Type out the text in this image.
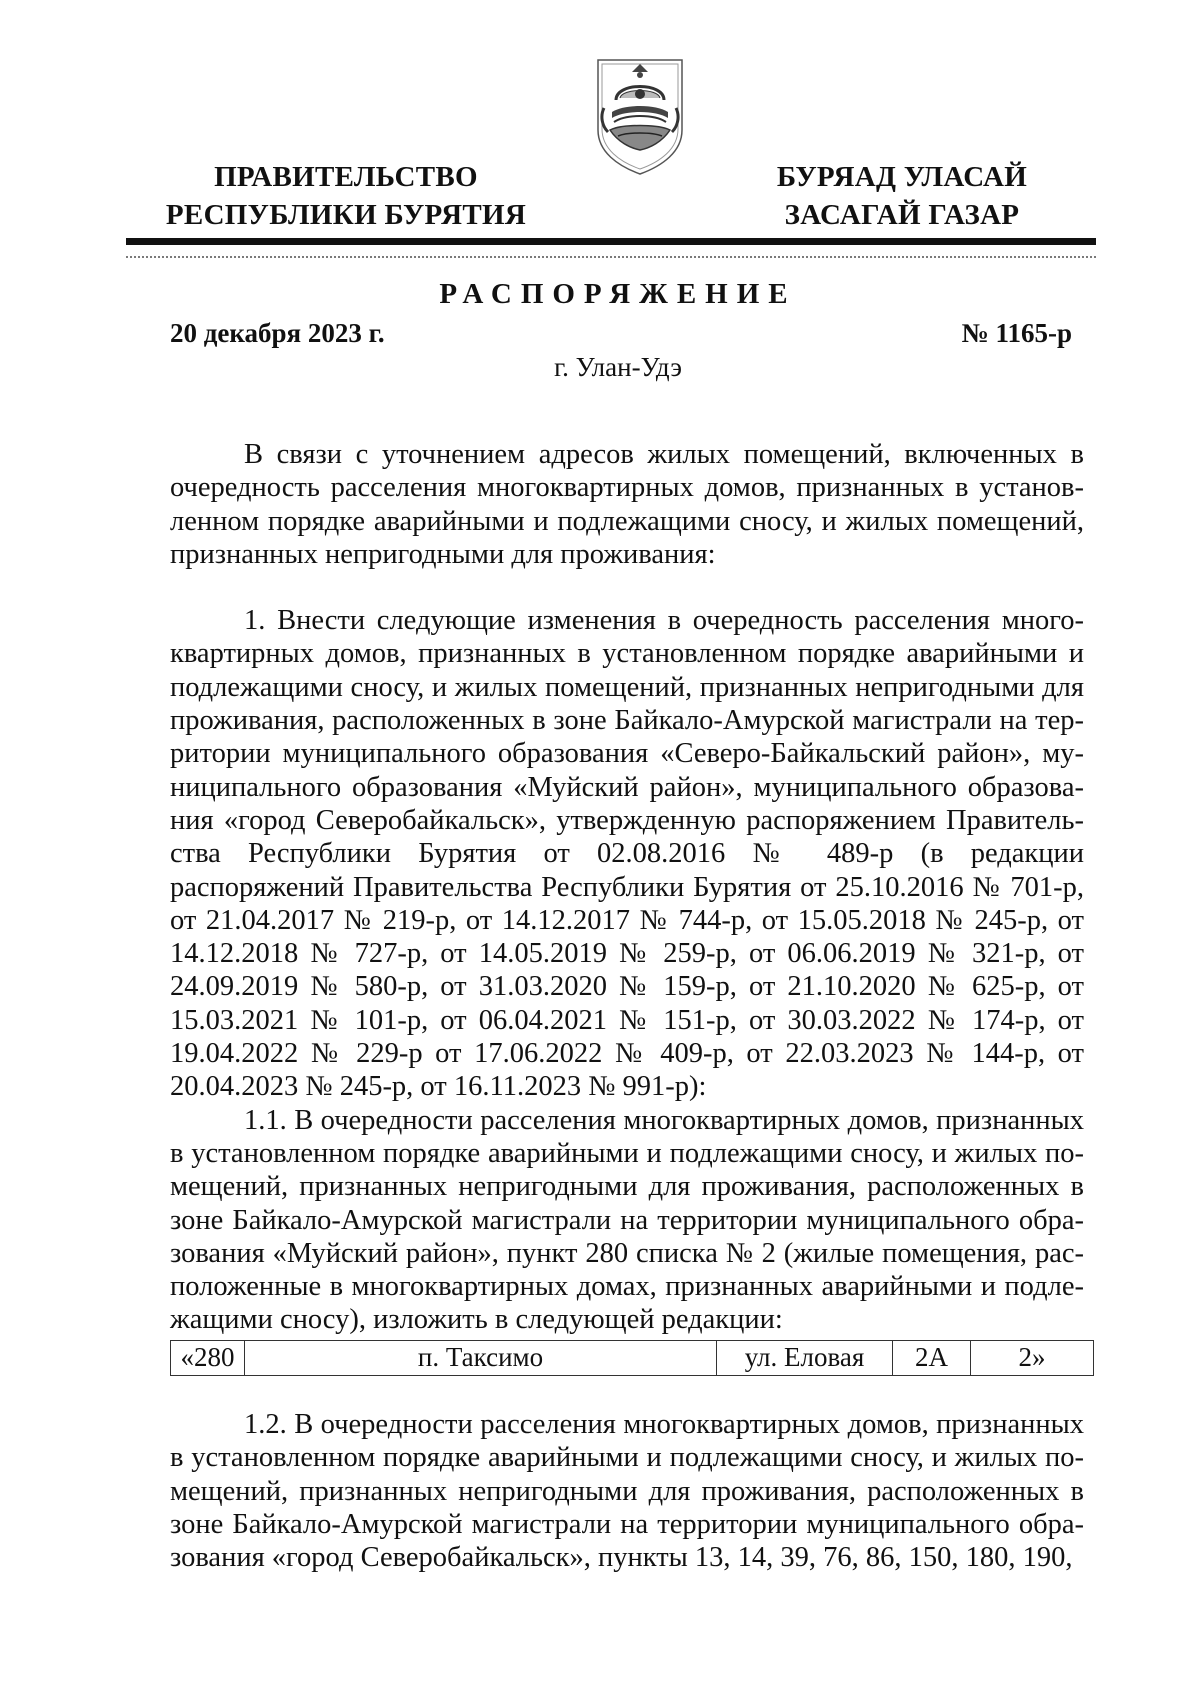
ПРАВИТЕЛЬСТВО
РЕСПУБЛИКИ БУРЯТИЯ
БУРЯАД УЛАСАЙ
ЗАСАГАЙ ГАЗАР
РАСПОРЯЖЕНИЕ
20 декабря 2023 г.	№ 1165-р
г. Улан-Удэ

В связи с уточнением адресов жилых помещений, включенных в очередность расселения многоквартирных домов, признанных в установленном порядке аварийными и подлежащими сносу, и жилых помещений, признанных непригодными для проживания:

1. Внести следующие изменения в очередность расселения многоквартирных домов, признанных в установленном порядке аварийными и подлежащими сносу, и жилых помещений, признанных непригодными для проживания, расположенных в зоне Байкало-Амурской магистрали на территории муниципального образования «Северо-Байкальский район», муниципального образования «Муйский район», муниципального образования «город Северобайкальск», утвержденную распоряжением Правительства Республики Бурятия от 02.08.2016 № 489-р (в редакции распоряжений Правительства Республики Бурятия от 25.10.2016 № 701-р, от 21.04.2017 № 219-р, от 14.12.2017 № 744-р, от 15.05.2018 № 245-р, от 14.12.2018 № 727-р, от 14.05.2019 № 259-р, от 06.06.2019 № 321-р, от 24.09.2019 № 580-р, от 31.03.2020 № 159-р, от 21.10.2020 № 625-р, от 15.03.2021 № 101-р, от 06.04.2021 № 151-р, от 30.03.2022 № 174-р, от 19.04.2022 № 229-р от 17.06.2022 № 409-р, от 22.03.2023 № 144-р, от 20.04.2023 № 245-р, от 16.11.2023 № 991-р):

1.1. В очередности расселения многоквартирных домов, признанных в установленном порядке аварийными и подлежащими сносу, и жилых помещений, признанных непригодными для проживания, расположенных в зоне Байкало-Амурской магистрали на территории муниципального образования «Муйский район», пункт 280 списка № 2 (жилые помещения, расположенные в многоквартирных домах, признанных аварийными и подлежащими сносу), изложить в следующей редакции:

«280	п. Таксимо	ул. Еловая	2А	2»

1.2. В очередности расселения многоквартирных домов, признанных в установленном порядке аварийными и подлежащими сносу, и жилых помещений, признанных непригодными для проживания, расположенных в зоне Байкало-Амурской магистрали на территории муниципального образования «город Северобайкальск», пункты 13, 14, 39, 76, 86, 150, 180, 190,
